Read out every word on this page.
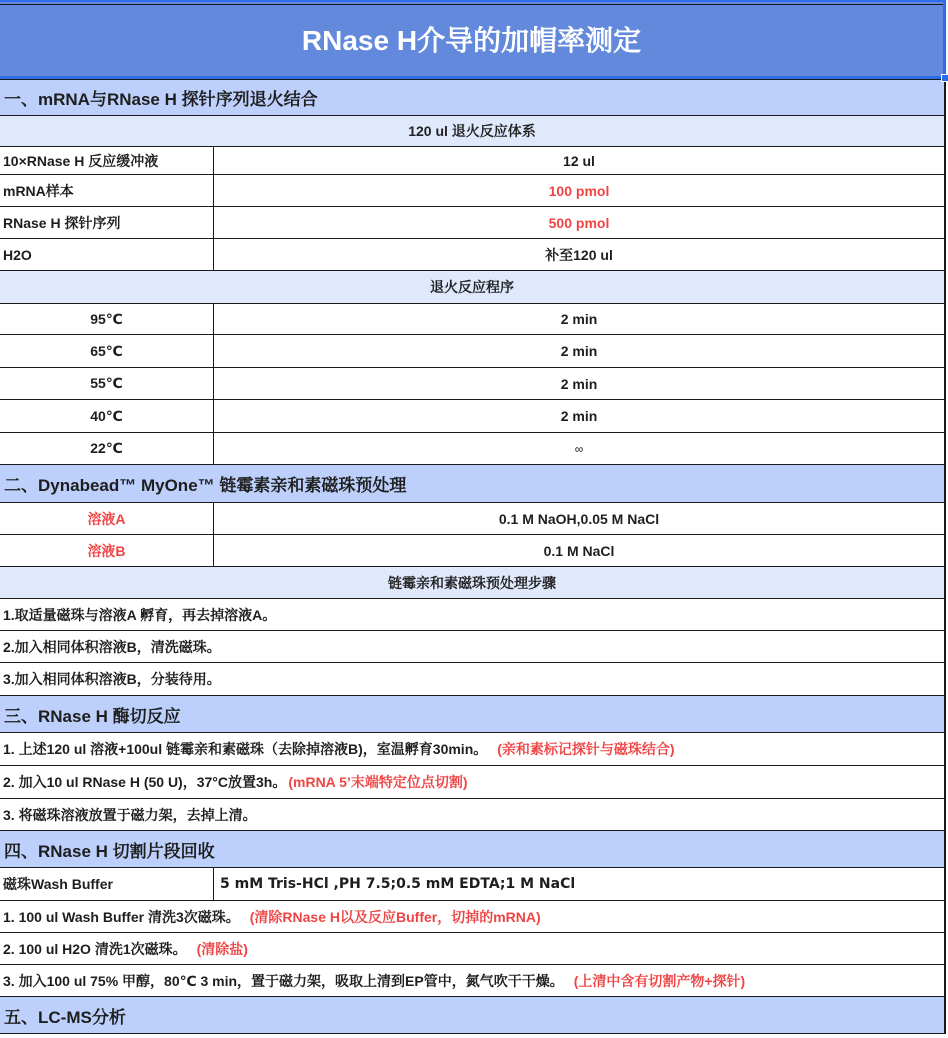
RNase H介导的加帽率测定
一、mRNA与RNase H 探针序列退火结合
120 ul 退火反应体系
10×RNase H 反应缓冲液	12 ul
mRNA样本	100 pmol
RNase H 探针序列	500 pmol
H2O	补至120 ul
退火反应程序
95℃	2 min
65℃	2 min
55℃	2 min
40℃	2 min
22℃	∞
二、Dynabead™ MyOne™ 链霉素亲和素磁珠预处理
溶液A	0.1 M NaOH,0.05 M NaCl
溶液B	0.1 M NaCl
链霉亲和素磁珠预处理步骤
1.取适量磁珠与溶液A 孵育，再去掉溶液A。
2.加入相同体积溶液B，清洗磁珠。
3.加入相同体积溶液B，分装待用。
三、RNase H 酶切反应
1. 上述120 ul 溶液+100ul 链霉亲和素磁珠（去除掉溶液B)，室温孵育30min。 (亲和素标记探针与磁珠结合)
2. 加入10 ul RNase H (50 U)，37°C放置3h。 (mRNA 5’末端特定位点切割)
3. 将磁珠溶液放置于磁力架，去掉上清。
四、RNase H 切割片段回收
磁珠Wash Buffer	5 mM Tris-HCl ,PH 7.5;0.5 mM EDTA;1 M NaCl
1. 100 ul Wash Buffer 清洗3次磁珠。 (清除RNase H以及反应Buffer，切掉的mRNA)
2. 100 ul H2O 清洗1次磁珠。 (清除盐)
3. 加入100 ul 75% 甲醇，80℃ 3 min，置于磁力架，吸取上清到EP管中，氮气吹干干燥。 (上清中含有切割产物+探针)
五、LC-MS分析
